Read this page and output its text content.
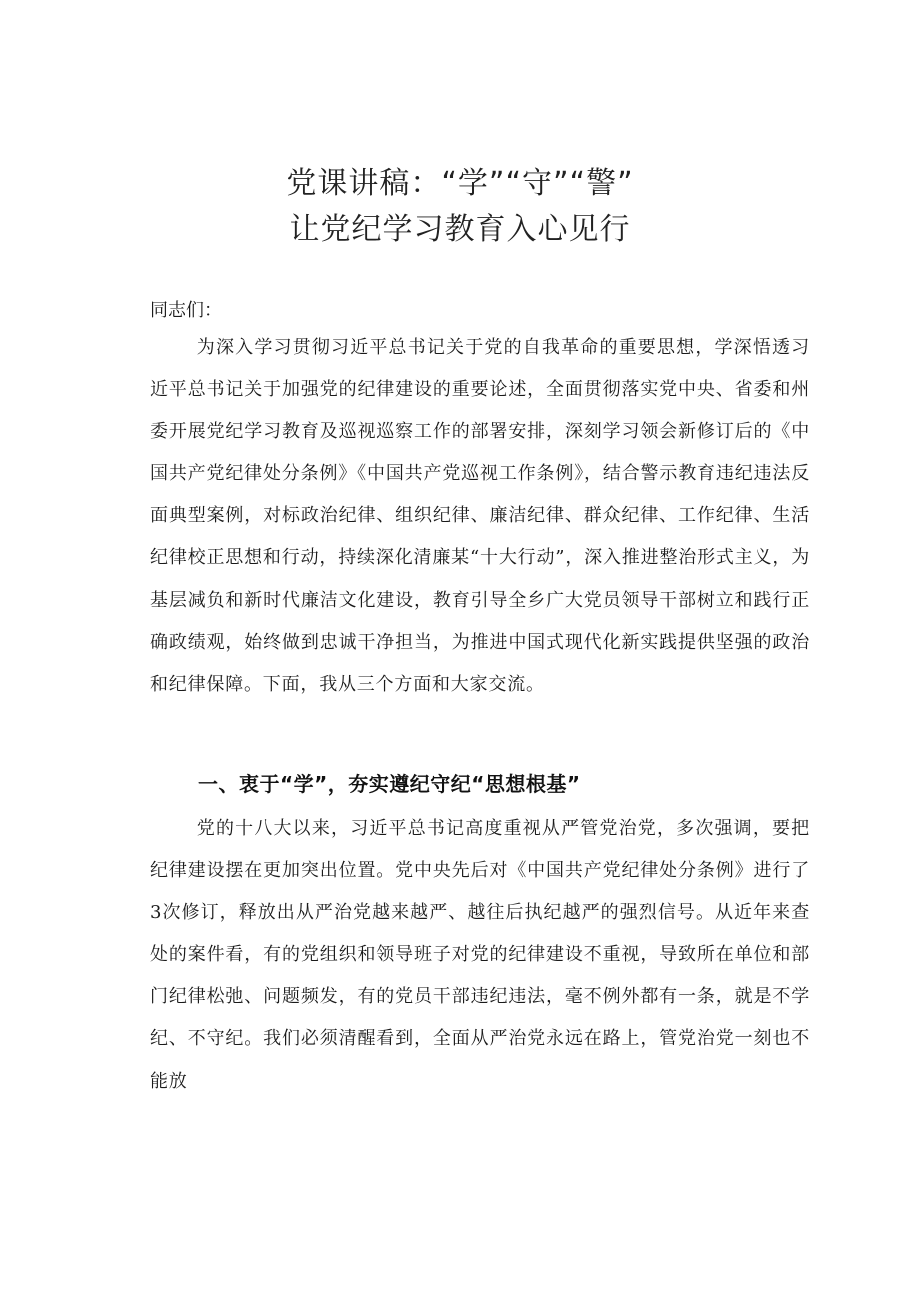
党课讲稿：“学”“守”“警”
让党纪学习教育入心见行

同志们：

为深入学习贯彻习近平总书记关于党的自我革命的重要思想，学深悟透习近平总书记关于加强党的纪律建设的重要论述，全面贯彻落实党中央、省委和州委开展党纪学习教育及巡视巡察工作的部署安排，深刻学习领会新修订后的《中国共产党纪律处分条例》《中国共产党巡视工作条例》，结合警示教育违纪违法反面典型案例，对标政治纪律、组织纪律、廉洁纪律、群众纪律、工作纪律、生活纪律校正思想和行动，持续深化清廉某“十大行动”，深入推进整治形式主义，为基层减负和新时代廉洁文化建设，教育引导全乡广大党员领导干部树立和践行正确政绩观，始终做到忠诚干净担当，为推进中国式现代化新实践提供坚强的政治和纪律保障。下面，我从三个方面和大家交流。

一、衷于“学”，夯实遵纪守纪“思想根基”

党的十八大以来，习近平总书记高度重视从严管党治党，多次强调，要把纪律建设摆在更加突出位置。党中央先后对《中国共产党纪律处分条例》进行了3次修订，释放出从严治党越来越严、越往后执纪越严的强烈信号。从近年来查处的案件看，有的党组织和领导班子对党的纪律建设不重视，导致所在单位和部门纪律松弛、问题频发，有的党员干部违纪违法，毫不例外都有一条，就是不学纪、不守纪。我们必须清醒看到，全面从严治党永远在路上，管党治党一刻也不能放
